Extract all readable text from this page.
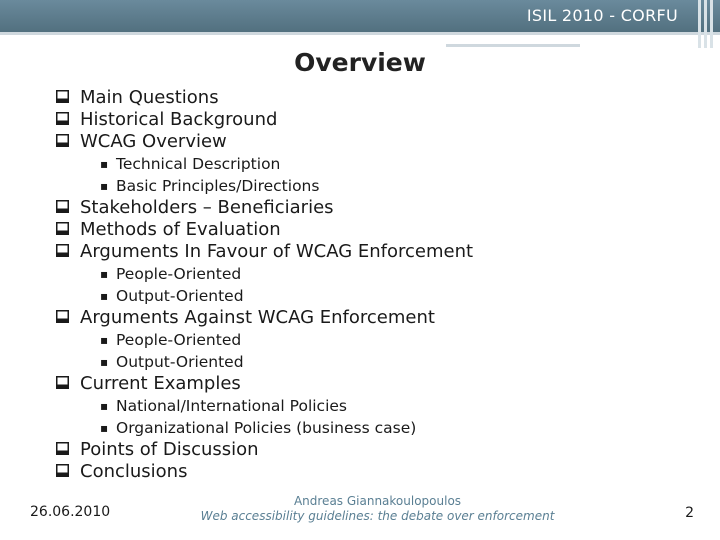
ISIL 2010 - CORFU
Overview
Main Questions
Historical Background
WCAG Overview
▪ Technical Description
▪ Basic Principles/Directions
Stakeholders – Beneficiaries
Methods of Evaluation
Arguments In Favour of WCAG Enforcement
▪ People-Oriented
▪ Output-Oriented
Arguments Against WCAG Enforcement
▪ People-Oriented
▪ Output-Oriented
Current Examples
▪ National/International Policies
▪ Organizational Policies (business case)
Points of Discussion
Conclusions
26.06.2010
Andreas Giannakoulopoulos
Web accessibility guidelines: the debate over enforcement	2
